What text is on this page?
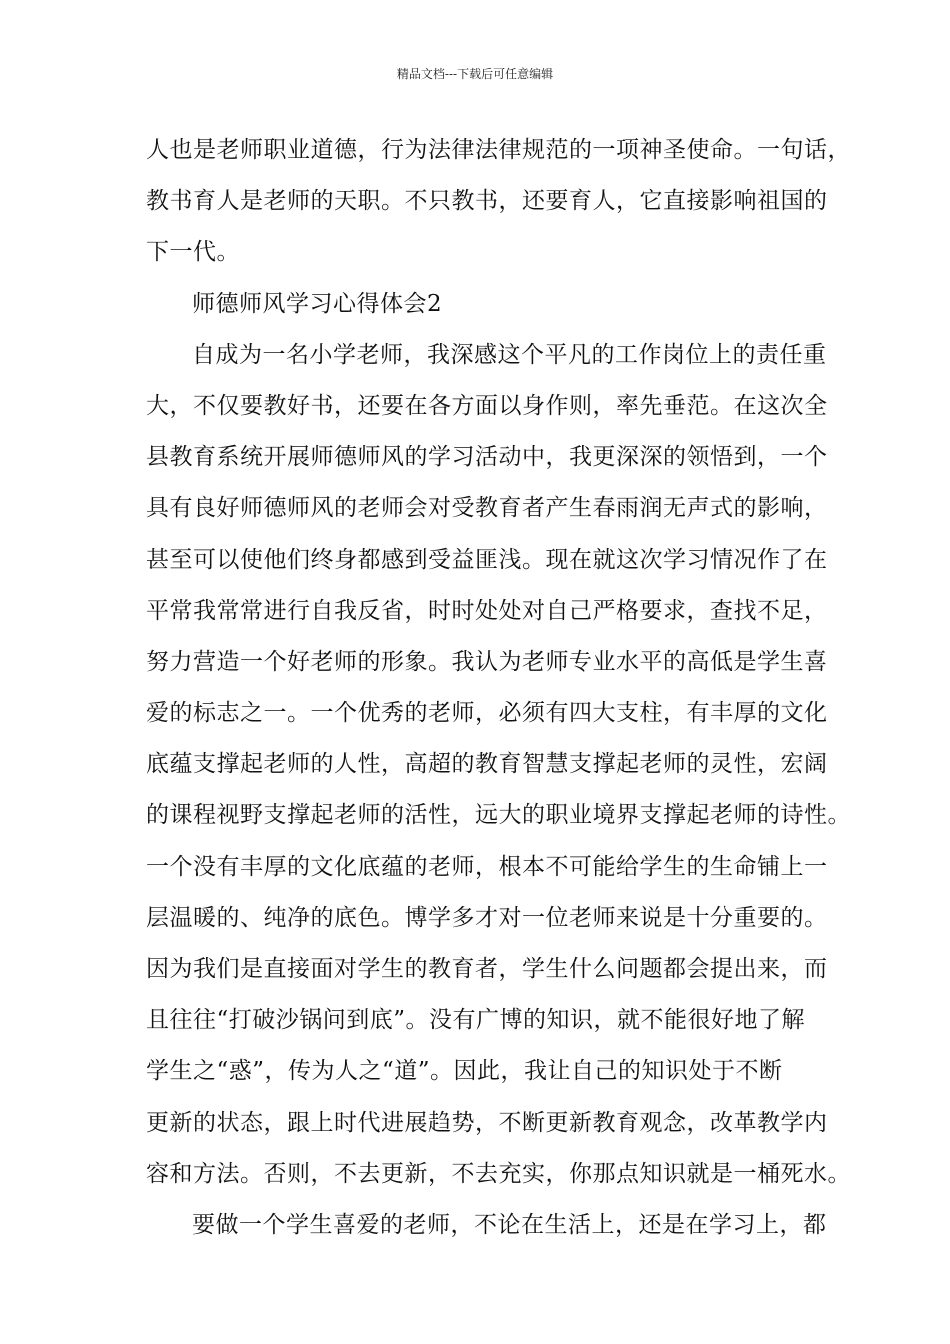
精品文档---下载后可任意编辑
人也是老师职业道德，行为法律法律规范的一项神圣使命。一句话，
教书育人是老师的天职。不只教书，还要育人，它直接影响祖国的
下一代。
师德师风学习心得体会2
自成为一名小学老师，我深感这个平凡的工作岗位上的责任重
大，不仅要教好书，还要在各方面以身作则，率先垂范。在这次全
县教育系统开展师德师风的学习活动中，我更深深的领悟到，一个
具有良好师德师风的老师会对受教育者产生春雨润无声式的影响，
甚至可以使他们终身都感到受益匪浅。现在就这次学习情况作了在
平常我常常进行自我反省，时时处处对自己严格要求，查找不足，
努力营造一个好老师的形象。我认为老师专业水平的高低是学生喜
爱的标志之一。一个优秀的老师，必须有四大支柱，有丰厚的文化
底蕴支撑起老师的人性，高超的教育智慧支撑起老师的灵性，宏阔
的课程视野支撑起老师的活性，远大的职业境界支撑起老师的诗性。
一个没有丰厚的文化底蕴的老师，根本不可能给学生的生命铺上一
层温暖的、纯净的底色。博学多才对一位老师来说是十分重要的。
因为我们是直接面对学生的教育者，学生什么问题都会提出来，而
且往往“打破沙锅问到底”。没有广博的知识，就不能很好地了解
学生之“惑”，传为人之“道”。因此，我让自己的知识处于不断
更新的状态，跟上时代进展趋势，不断更新教育观念，改革教学内
容和方法。否则，不去更新，不去充实，你那点知识就是一桶死水。
要做一个学生喜爱的老师，不论在生活上，还是在学习上，都
